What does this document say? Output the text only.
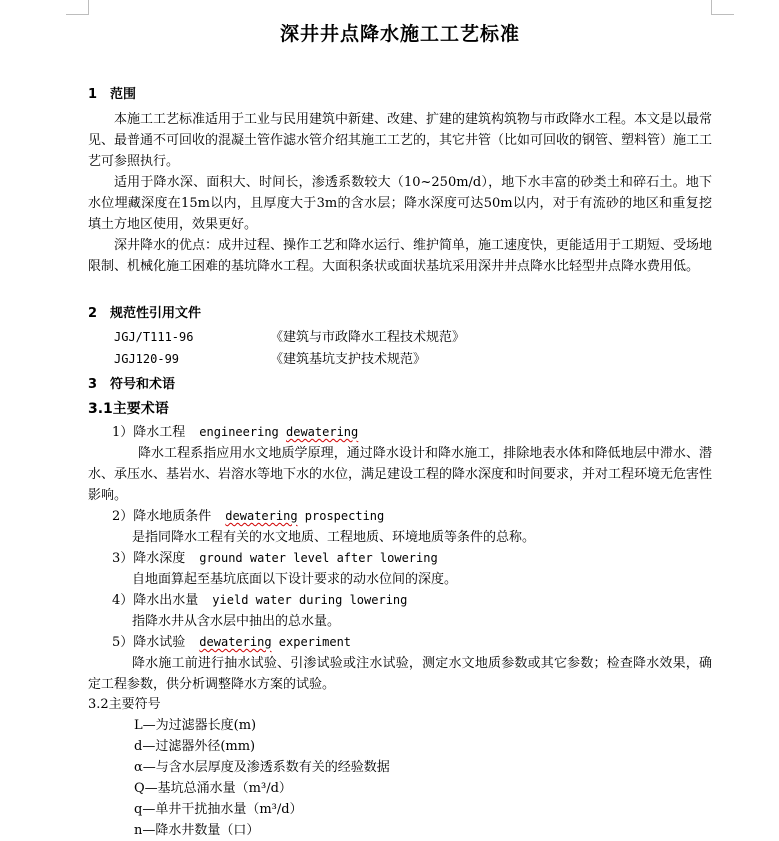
深井井点降水施工工艺标准
1 范围

本施工工艺标准适用于工业与民用建筑中新建、改建、扩建的建筑构筑物与市政降水工程。本文是以最常见、最普通不可回收的混凝土管作滤水管介绍其施工工艺的，其它井管（比如可回收的钢管、塑料管）施工工艺可参照执行。

适用于降水深、面积大、时间长，渗透系数较大（10~250m/d），地下水丰富的砂类土和碎石土。地下水位埋藏深度在15m以内，且厚度大于3m的含水层；降水深度可达50m以内，对于有流砂的地区和重复挖填土方地区使用，效果更好。

深井降水的优点：成井过程、操作工艺和降水运行、维护简单，施工速度快，更能适用于工期短、受场地限制、机械化施工困难的基坑降水工程。大面积条状或面状基坑采用深井井点降水比轻型井点降水费用低。

2 规范性引用文件
JGJ/T111-96	《建筑与市政降水工程技术规范》
JGJ120-99	《建筑基坑支护技术规范》
3 符号和术语
3.1主要术语
1）降水工程 engineering dewatering

降水工程系指应用水文地质学原理，通过降水设计和降水施工，排除地表水体和降低地层中滞水、潜水、承压水、基岩水、岩溶水等地下水的水位，满足建设工程的降水深度和时间要求，并对工程环境无危害性影响。

2）降水地质条件 dewatering prospecting

是指同降水工程有关的水文地质、工程地质、环境地质等条件的总称。

3）降水深度 ground water level after lowering

自地面算起至基坑底面以下设计要求的动水位间的深度。

4）降水出水量 yield water during lowering

指降水井从含水层中抽出的总水量。

5）降水试验 dewatering experiment

降水施工前进行抽水试验、引渗试验或注水试验，测定水文地质参数或其它参数；检查降水效果，确定工程参数，供分析调整降水方案的试验。

3.2主要符号
L—为过滤器长度(m)
d—过滤器外径(mm)
α—与含水层厚度及渗透系数有关的经验数据
Q—基坑总涌水量（m³/d）
q—单井干扰抽水量（m³/d）
n—降水井数量（口）
